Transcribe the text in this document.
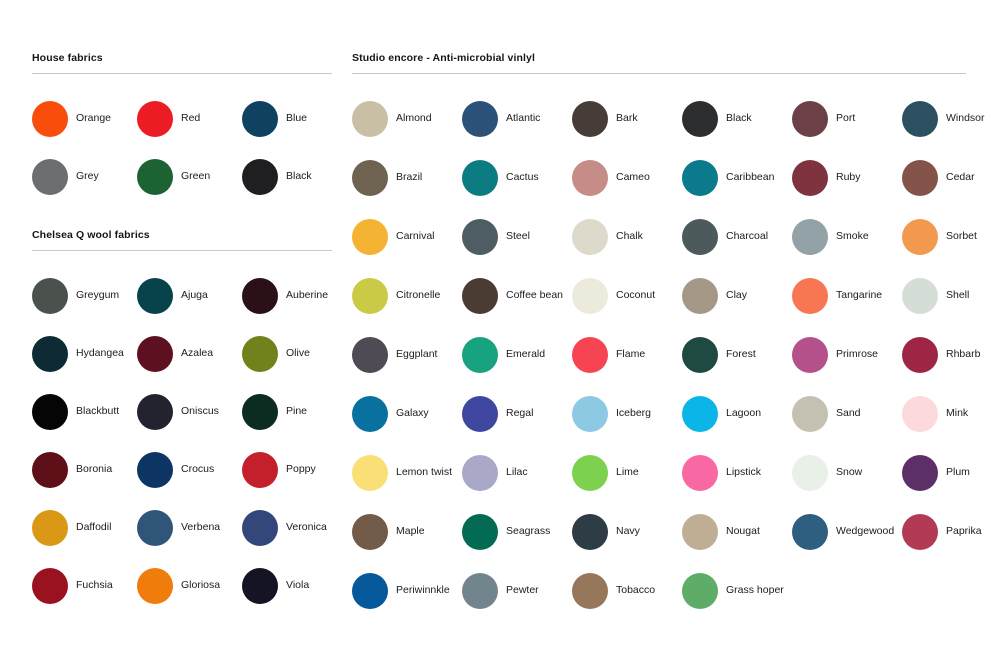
House fabrics
Orange	Red	Blue
Grey	Green	Black
Chelsea Q wool fabrics
Greygum	Ajuga	Auberine
Hydangea	Azalea	Olive
Blackbutt	Oniscus	Pine
Boronia	Crocus	Poppy
Daffodil	Verbena	Veronica
Fuchsia	Gloriosa	Viola
Studio encore - Anti-microbial vinlyl
Almond	Atlantic	Bark	Black	Port	Windsor
Brazil	Cactus	Cameo	Caribbean	Ruby	Cedar
Carnival	Steel	Chalk	Charcoal	Smoke	Sorbet
Citronelle	Coffee bean	Coconut	Clay	Tangarine	Shell
Eggplant	Emerald	Flame	Forest	Primrose	Rhbarb
Galaxy	Regal	Iceberg	Lagoon	Sand	Mink
Lemon twist	Lilac	Lime	Lipstick	Snow	Plum
Maple	Seagrass	Navy	Nougat	Wedgewood	Paprika
Periwinnkle	Pewter	Tobacco	Grass hoper
